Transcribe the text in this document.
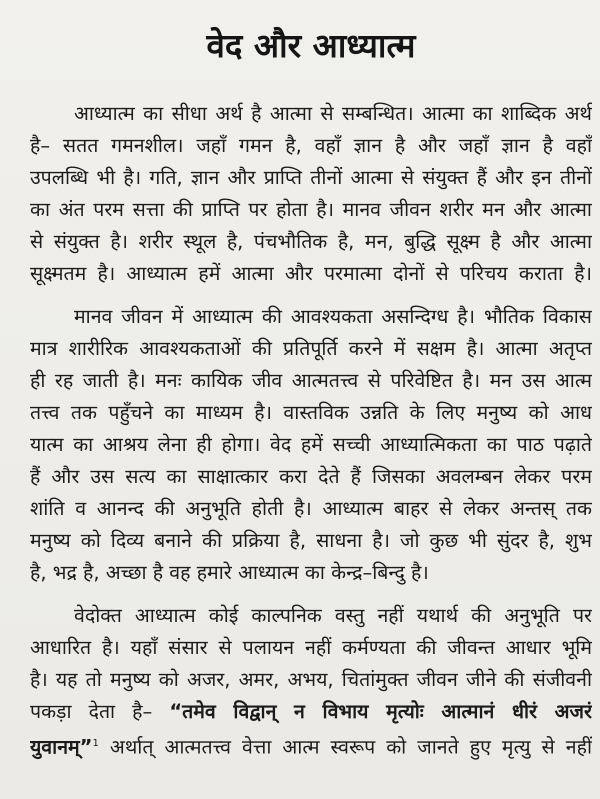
वेद और आध्यात्म
आध्यात्म का सीधा अर्थ है आत्मा से सम्बन्धित। आत्मा का शाब्दिक अर्थ
है– सतत गमनशील। जहाँ गमन है, वहाँ ज्ञान है और जहाँ ज्ञान है वहाँ
उपलब्धि भी है। गति, ज्ञान और प्राप्ति तीनों आत्मा से संयुक्त हैं और इन तीनों
का अंत परम सत्ता की प्राप्ति पर होता है। मानव जीवन शरीर मन और आत्मा
से संयुक्त है। शरीर स्थूल है, पंचभौतिक है, मन, बुद्धि सूक्ष्म है और आत्मा
सूक्ष्मतम है। आध्यात्म हमें आत्मा और परमात्मा दोनों से परिचय कराता है।
मानव जीवन में आध्यात्म की आवश्यकता असन्दिग्ध है। भौतिक विकास
मात्र शारीरिक आवश्यकताओं की प्रतिपूर्ति करने में सक्षम है। आत्मा अतृप्त
ही रह जाती है। मनः कायिक जीव आत्मतत्त्व से परिवेष्टित है। मन उस आत्म
तत्त्व तक पहुँचने का माध्यम है। वास्तविक उन्नति के लिए मनुष्य को आध
यात्म का आश्रय लेना ही होगा। वेद हमें सच्ची आध्यात्मिकता का पाठ पढ़ाते
हैं और उस सत्य का साक्षात्कार करा देते हैं जिसका अवलम्बन लेकर परम
शांति व आनन्द की अनुभूति होती है। आध्यात्म बाहर से लेकर अन्तस् तक
मनुष्य को दिव्य बनाने की प्रक्रिया है, साधना है। जो कुछ भी सुंदर है, शुभ
है, भद्र है, अच्छा है वह हमारे आध्यात्म का केन्द्र–बिन्दु है।
वेदोक्त आध्यात्म कोई काल्पनिक वस्तु नहीं यथार्थ की अनुभूति पर
आधारित है। यहाँ संसार से पलायन नहीं कर्मण्यता की जीवन्त आधार भूमि
है। यह तो मनुष्य को अजर, अमर, अभय, चितांमुक्त जीवन जीने की संजीवनी
पकड़ा देता है– “तमेव विद्वान् न विभाय मृत्योः आत्मानं धीरं अजरं
युवानम्”$^1$ अर्थात् आत्मतत्त्व वेत्ता आत्म स्वरूप को जानते हुए मृत्यु से नहीं
